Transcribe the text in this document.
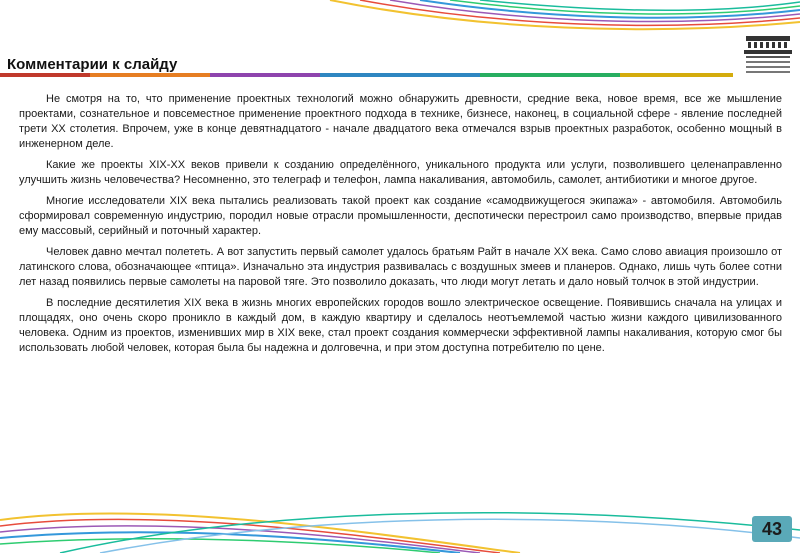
Комментарии к слайду

Не смотря на то, что применение проектных технологий можно обнаружить древности, средние века, новое время, все же мышление проектами, сознательное и повсеместное применение проектного подхода в технике, бизнесе, наконец, в социальной сфере - явление последней трети XX столетия. Впрочем, уже в конце девятнадцатого - начале двадцатого века отмечался взрыв проектных разработок, особенно мощный в инженерном деле.

Какие же проекты XIX-XX веков привели к созданию определённого, уникального продукта или услуги, позволившего целенаправленно улучшить жизнь человечества? Несомненно, это телеграф и телефон, лампа накаливания, автомобиль, самолет, антибиотики и многое другое.

Многие исследователи XIX века пытались реализовать такой проект как создание «самодвижущегося экипажа» - автомобиля. Автомобиль сформировал современную индустрию, породил новые отрасли промышленности, деспотически перестроил само производство, впервые придав ему массовый, серийный и поточный характер.

Человек давно мечтал полететь. А вот запустить первый самолет удалось братьям Райт в начале XX века. Само слово авиация произошло от латинского слова, обозначающее «птица». Изначально эта индустрия развивалась с воздушных змеев и планеров. Однако, лишь чуть более сотни лет назад появились первые самолеты на паровой тяге. Это позволило доказать, что люди могут летать и дало новый толчок в этой индустрии.

В последние десятилетия XIX века в жизнь многих европейских городов вошло электрическое освещение. Появившись сначала на улицах и площадях, оно очень скоро проникло в каждый дом, в каждую квартиру и сделалось неотъемлемой частью жизни каждого цивилизованного человека. Одним из проектов, изменивших мир в XIX веке, стал проект создания коммерчески эффективной лампы накаливания, которую смог бы использовать любой человек, которая была бы надежна и долговечна, и при этом доступна потребителю по цене.

43
